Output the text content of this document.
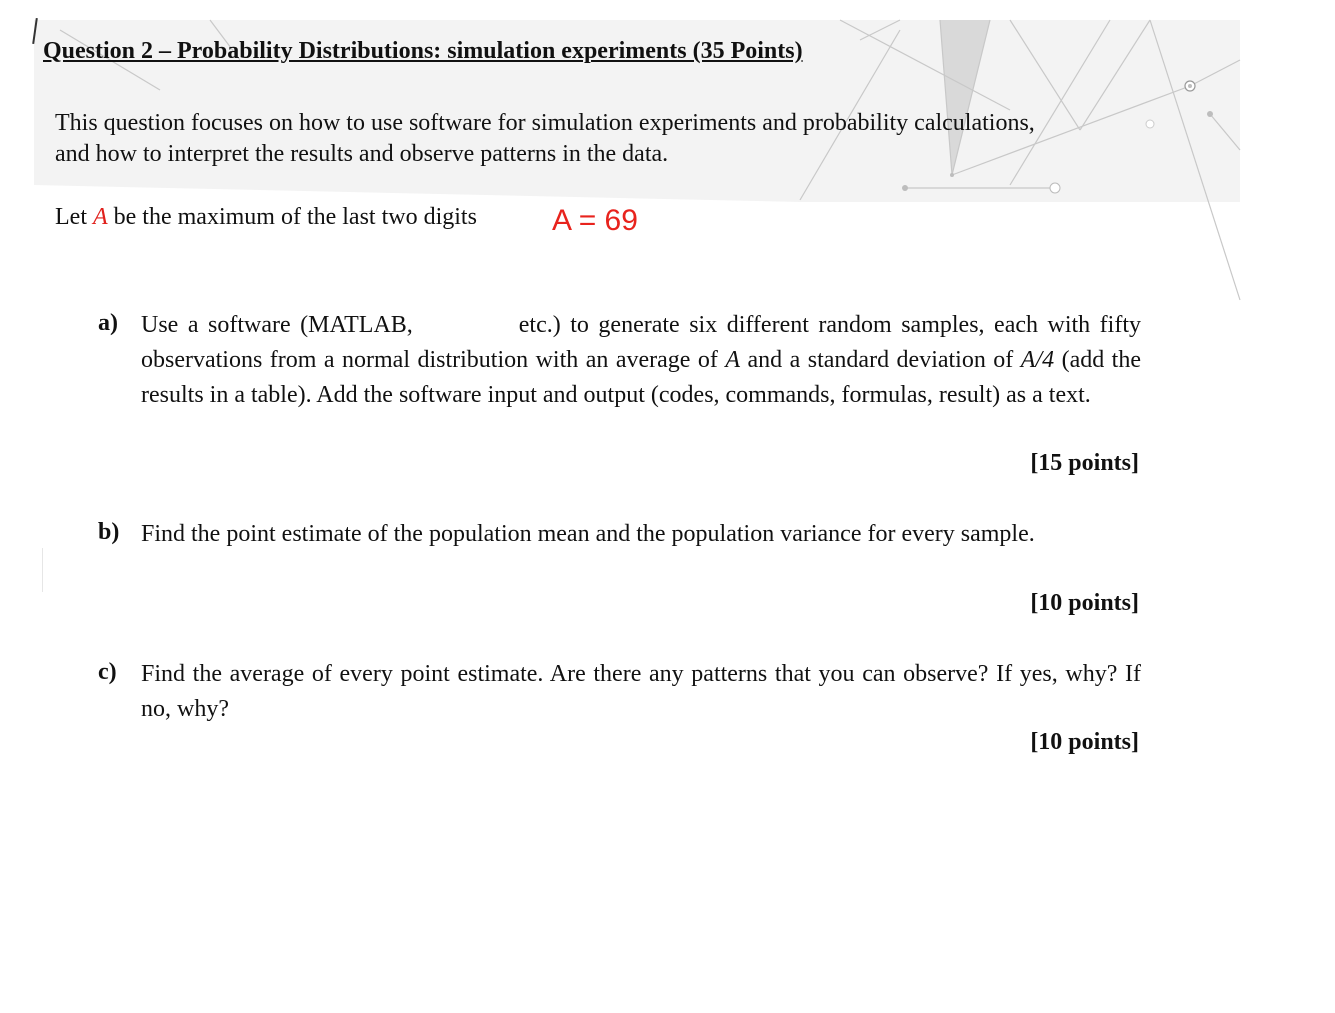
Question 2 – Probability Distributions: simulation experiments (35 Points)
This question focuses on how to use software for simulation experiments and probability calculations,
and how to interpret the results and observe patterns in the data.
Let A be the maximum of the last two digits	A = 69
a) Use a software (MATLAB,	etc.) to generate six different random samples, each with fifty observations from a normal distribution with an average of A and a standard deviation of A/4 (add the results in a table). Add the software input and output (codes, commands, formulas, result) as a text.
[15 points]
b) Find the point estimate of the population mean and the population variance for every sample.
[10 points]
c) Find the average of every point estimate. Are there any patterns that you can observe? If yes, why? If no, why?
[10 points]
